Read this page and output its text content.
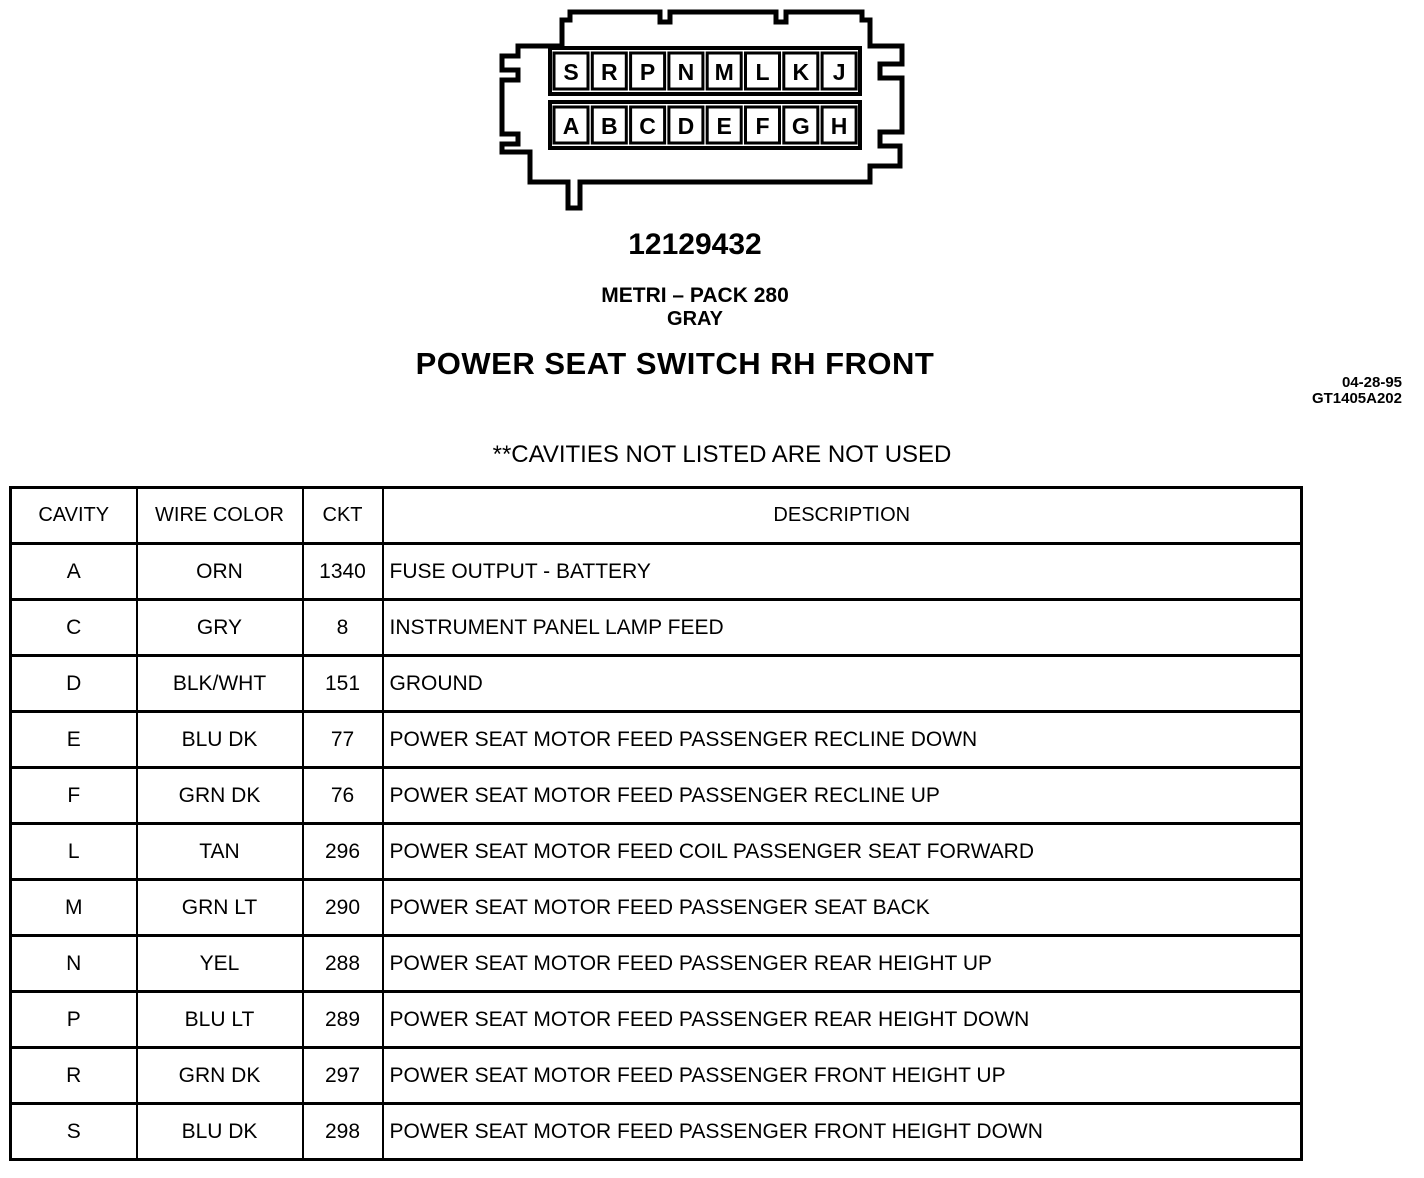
S R P N M L K J
A B C D E F G H
12129432
METRI – PACK 280
GRAY
POWER SEAT SWITCH RH FRONT
04-28-95
GT1405A202
**CAVITIES NOT LISTED ARE NOT USED
CAVITY	WIRE COLOR	CKT	DESCRIPTION
A	ORN	1340	FUSE OUTPUT - BATTERY
C	GRY	8	INSTRUMENT PANEL LAMP FEED
D	BLK/WHT	151	GROUND
E	BLU DK	77	POWER SEAT MOTOR FEED PASSENGER RECLINE DOWN
F	GRN DK	76	POWER SEAT MOTOR FEED PASSENGER RECLINE UP
L	TAN	296	POWER SEAT MOTOR FEED COIL PASSENGER SEAT FORWARD
M	GRN LT	290	POWER SEAT MOTOR FEED PASSENGER SEAT BACK
N	YEL	288	POWER SEAT MOTOR FEED PASSENGER REAR HEIGHT UP
P	BLU LT	289	POWER SEAT MOTOR FEED PASSENGER REAR HEIGHT DOWN
R	GRN DK	297	POWER SEAT MOTOR FEED PASSENGER FRONT HEIGHT UP
S	BLU DK	298	POWER SEAT MOTOR FEED PASSENGER FRONT HEIGHT DOWN
